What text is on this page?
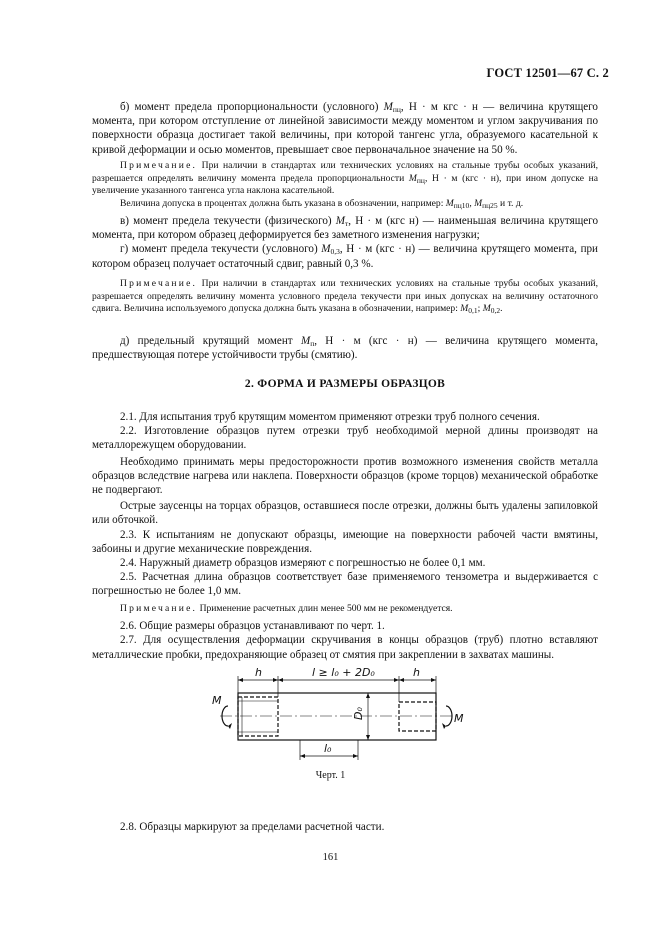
ГОСТ 12501—67 С. 2

б) момент предела пропорциональности (условного) $M_{пц}$, Н · м кгс · н — величина крутящего момента, при котором отступление от линейной зависимости между моментом и углом закручивания по поверхности образца достигает такой величины, при которой тангенс угла, образуемого касательной к кривой деформации и осью моментов, превышает свое первоначальное значение на 50 %.

Примечание. При наличии в стандартах или технических условиях на стальные трубы особых указаний, разрешается определять величину момента предела пропорциональности $M_{пц}$, Н · м (кгс · н), при ином допуске на увеличение указанного тангенса угла наклона касательной.

Величина допуска в процентах должна быть указана в обозначении, например: $M_{пц10}$, $M_{пц25}$ и т. д.

в) момент предела текучести (физического) $M_т$, Н · м (кгс н) — наименьшая величина крутящего момента, при котором образец деформируется без заметного изменения нагрузки;

г) момент предела текучести (условного) $M_{0,3}$, Н · м (кгс · н) — величина крутящего момента, при котором образец получает остаточный сдвиг, равный 0,3 %.

Примечание. При наличии в стандартах или технических условиях на стальные трубы особых указаний, разрешается определять величину момента условного предела текучести при иных допусках на величину остаточного сдвига. Величина используемого допуска должна быть указана в обозначении, например: $M_{0,1}$; $M_{0,2}$.

д) предельный крутящий момент $M_п$, Н · м (кгс · н) — величина крутящего момента, предшествующая потере устойчивости трубы (смятию).

2. ФОРМА И РАЗМЕРЫ ОБРАЗЦОВ

2.1. Для испытания труб крутящим моментом применяют отрезки труб полного сечения.

2.2. Изготовление образцов путем отрезки труб необходимой мерной длины производят на металлорежущем оборудовании.

Необходимо принимать меры предосторожности против возможного изменения свойств металла образцов вследствие нагрева или наклепа. Поверхности образцов (кроме торцов) механической обработке не подвергают.

Острые заусенцы на торцах образцов, оставшиеся после отрезки, должны быть удалены запиловкой или обточкой.

2.3. К испытаниям не допускают образцы, имеющие на поверхности рабочей части вмятины, забоины и другие механические повреждения.

2.4. Наружный диаметр образцов измеряют с погрешностью не более 0,1 мм.

2.5. Расчетная длина образцов соответствует базе применяемого тензометра и выдерживается с погрешностью не более 1,0 мм.

Примечание. Применение расчетных длин менее 500 мм не рекомендуется.

2.6. Общие размеры образцов устанавливают по черт. 1.

2.7. Для осуществления деформации скручивания в концы образцов (труб) плотно вставляют металлические пробки, предохраняющие образец от смятия при закреплении в захватах машины.

h	l ≥ l₀ + 2D₀	h
D₀
l₀
M
M
Черт. 1

2.8. Образцы маркируют за пределами расчетной части.

161
